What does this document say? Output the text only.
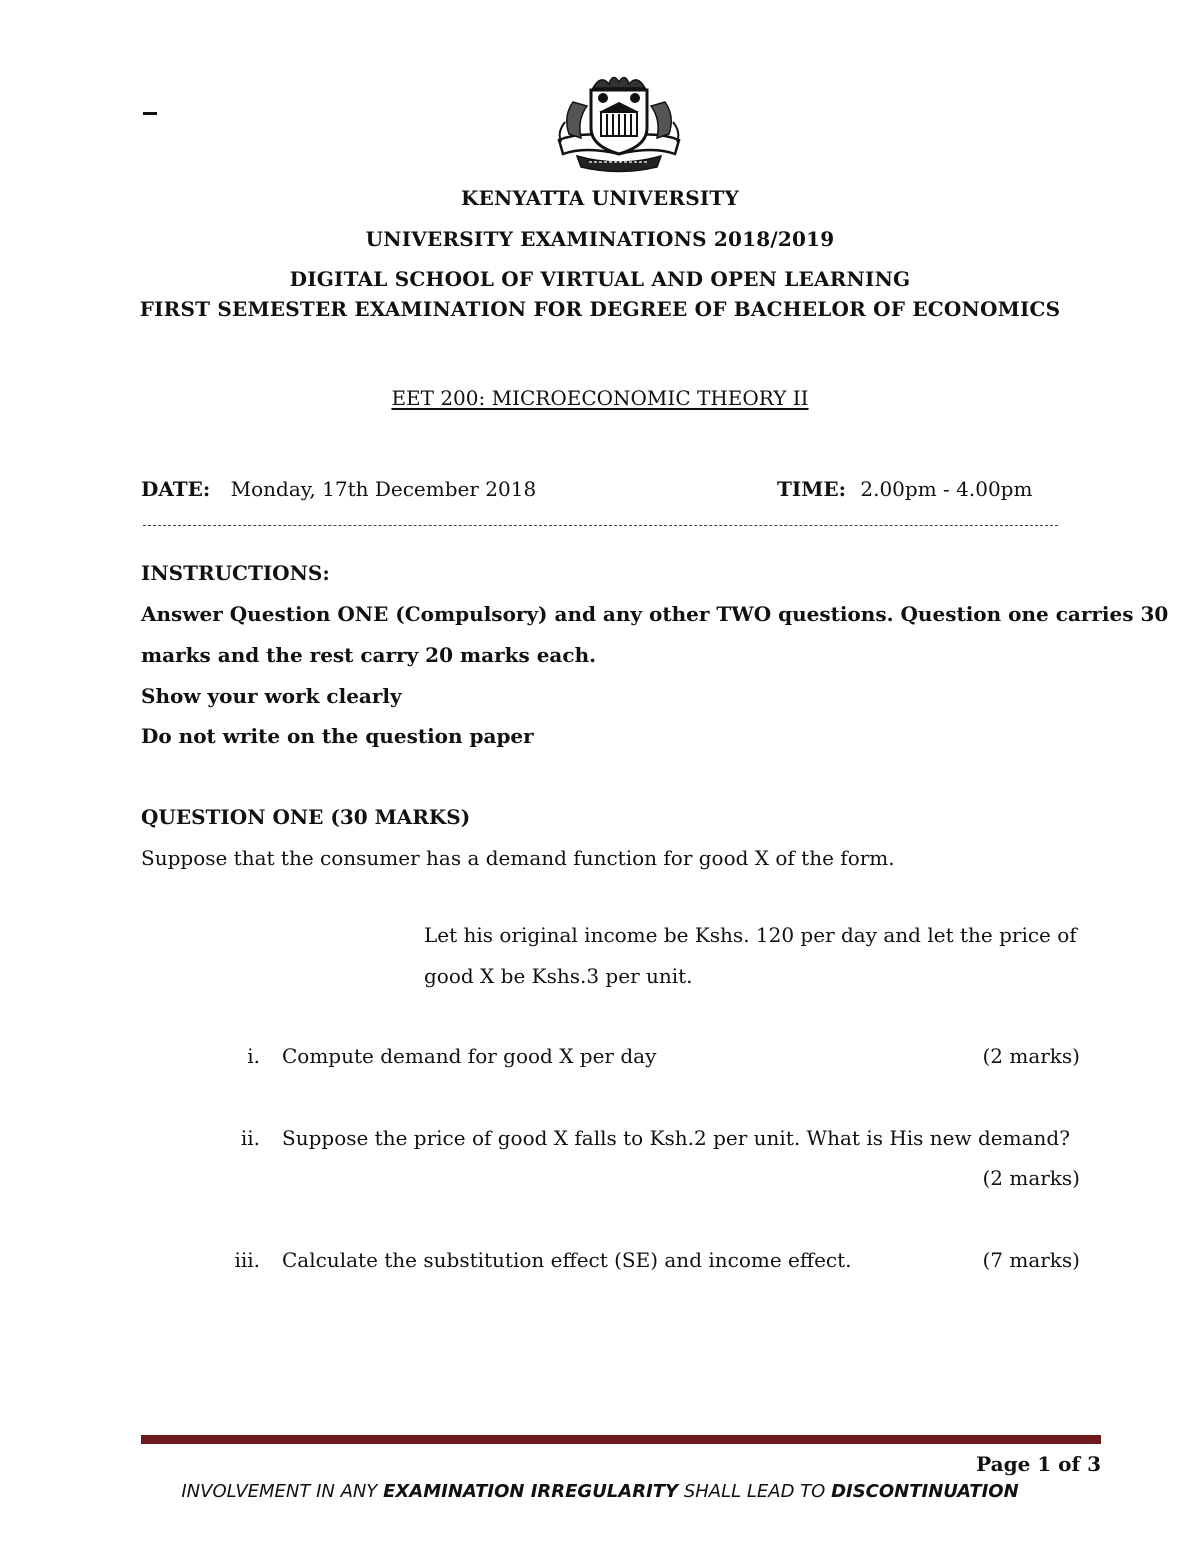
KENYATTA UNIVERSITY
UNIVERSITY EXAMINATIONS 2018/2019
DIGITAL SCHOOL OF VIRTUAL AND OPEN LEARNING
FIRST SEMESTER EXAMINATION FOR DEGREE OF BACHELOR OF ECONOMICS
EET 200: MICROECONOMIC THEORY II
DATE: Monday, 17th December 2018	TIME: 2.00pm - 4.00pm
INSTRUCTIONS:
Answer Question ONE (Compulsory) and any other TWO questions. Question one carries 30
marks and the rest carry 20 marks each.
Show your work clearly
Do not write on the question paper
QUESTION ONE (30 MARKS)
Suppose that the consumer has a demand function for good X of the form.
Let his original income be Kshs. 120 per day and let the price of
good X be Kshs.3 per unit.
i. Compute demand for good X per day	(2 marks)
ii. Suppose the price of good X falls to Ksh.2 per unit. What is His new demand?
(2 marks)
iii. Calculate the substitution effect (SE) and income effect.	(7 marks)
Page 1 of 3
INVOLVEMENT IN ANY EXAMINATION IRREGULARITY SHALL LEAD TO DISCONTINUATION
